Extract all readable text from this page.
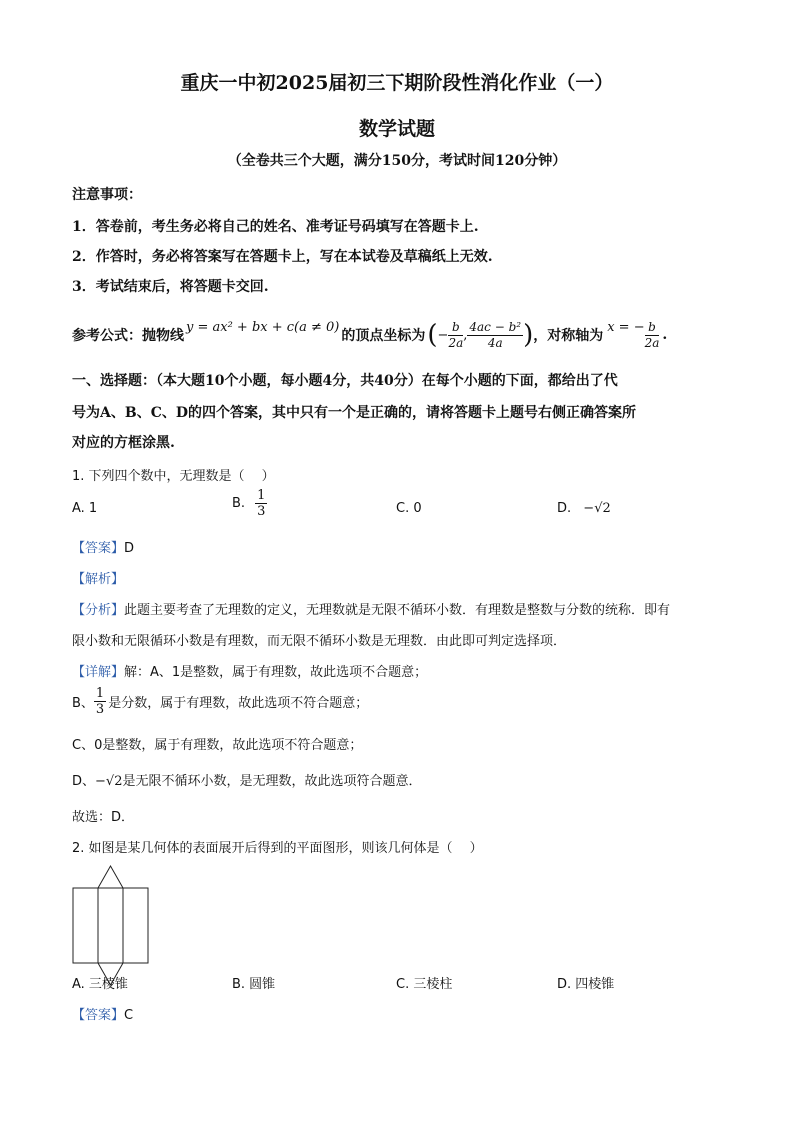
重庆一中初2025届初三下期阶段性消化作业（一）
数学试题
（全卷共三个大题，满分150分，考试时间120分钟）
注意事项：
1．答卷前，考生务必将自己的姓名、准考证号码填写在答题卡上.
2．作答时，务必将答案写在答题卡上，写在本试卷及草稿纸上无效.
3．考试结束后，将答题卡交回.
参考公式：抛物线
y = ax² + bx + c(a ≠ 0)
的顶点坐标为 ( − $\frac{b}{2a}$ , $\frac{\text{4ac − b²}}{4a}$ ) ，对称轴为
x = − $\frac{b}{2a}$ .
一、选择题：（本大题10个小题，每小题4分，共40分）在每个小题的下面，都给出了代
号为A、B、C、D的四个答案，其中只有一个是正确的，请将答题卡上题号右侧正确答案所
对应的方框涂黑.
1. 下列四个数中，无理数是（　 ）
A. 1	B. $\frac{1}{3}$	C. 0	D. −√2
【答案】D
【解析】
【分析】此题主要考查了无理数的定义，无理数就是无限不循环小数．有理数是整数与分数的统称．即有
限小数和无限循环小数是有理数，而无限不循环小数是无理数．由此即可判定选择项．
【详解】解：A、1是整数，属于有理数，故此选项不合题意；
B、 $\frac{1}{3}$ 是分数，属于有理数，故此选项不符合题意；
C、0是整数，属于有理数，故此选项不符合题意；
D、−√2是无限不循环小数，是无理数，故此选项符合题意．
故选：D．
2. 如图是某几何体的表面展开后得到的平面图形，则该几何体是（　 ）
A. 三棱锥	B. 圆锥	C. 三棱柱	D. 四棱锥
【答案】C
